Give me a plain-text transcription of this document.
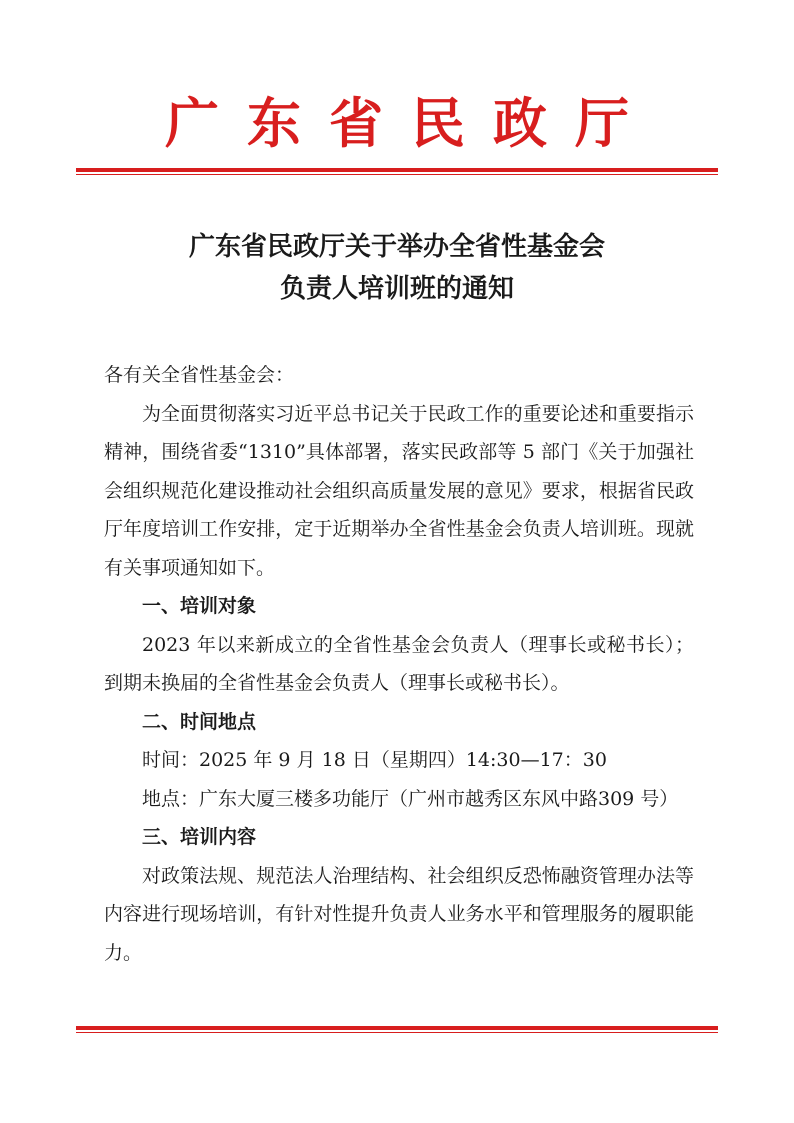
广东省民政厅
广东省民政厅关于举办全省性基金会
负责人培训班的通知

各有关全省性基金会：

为全面贯彻落实习近平总书记关于民政工作的重要论述和重要指示精神，围绕省委“1310”具体部署，落实民政部等 5 部门《关于加强社会组织规范化建设推动社会组织高质量发展的意见》要求，根据省民政厅年度培训工作安排，定于近期举办全省性基金会负责人培训班。现就有关事项通知如下。

一、培训对象

2023 年以来新成立的全省性基金会负责人（理事长或秘书长）；到期未换届的全省性基金会负责人（理事长或秘书长）。

二、时间地点

时间：2025 年 9 月 18 日（星期四）14:30—17：30

地点：广东大厦三楼多功能厅（广州市越秀区东风中路309 号）

三、培训内容

对政策法规、规范法人治理结构、社会组织反恐怖融资管理办法等内容进行现场培训，有针对性提升负责人业务水平和管理服务的履职能力。
